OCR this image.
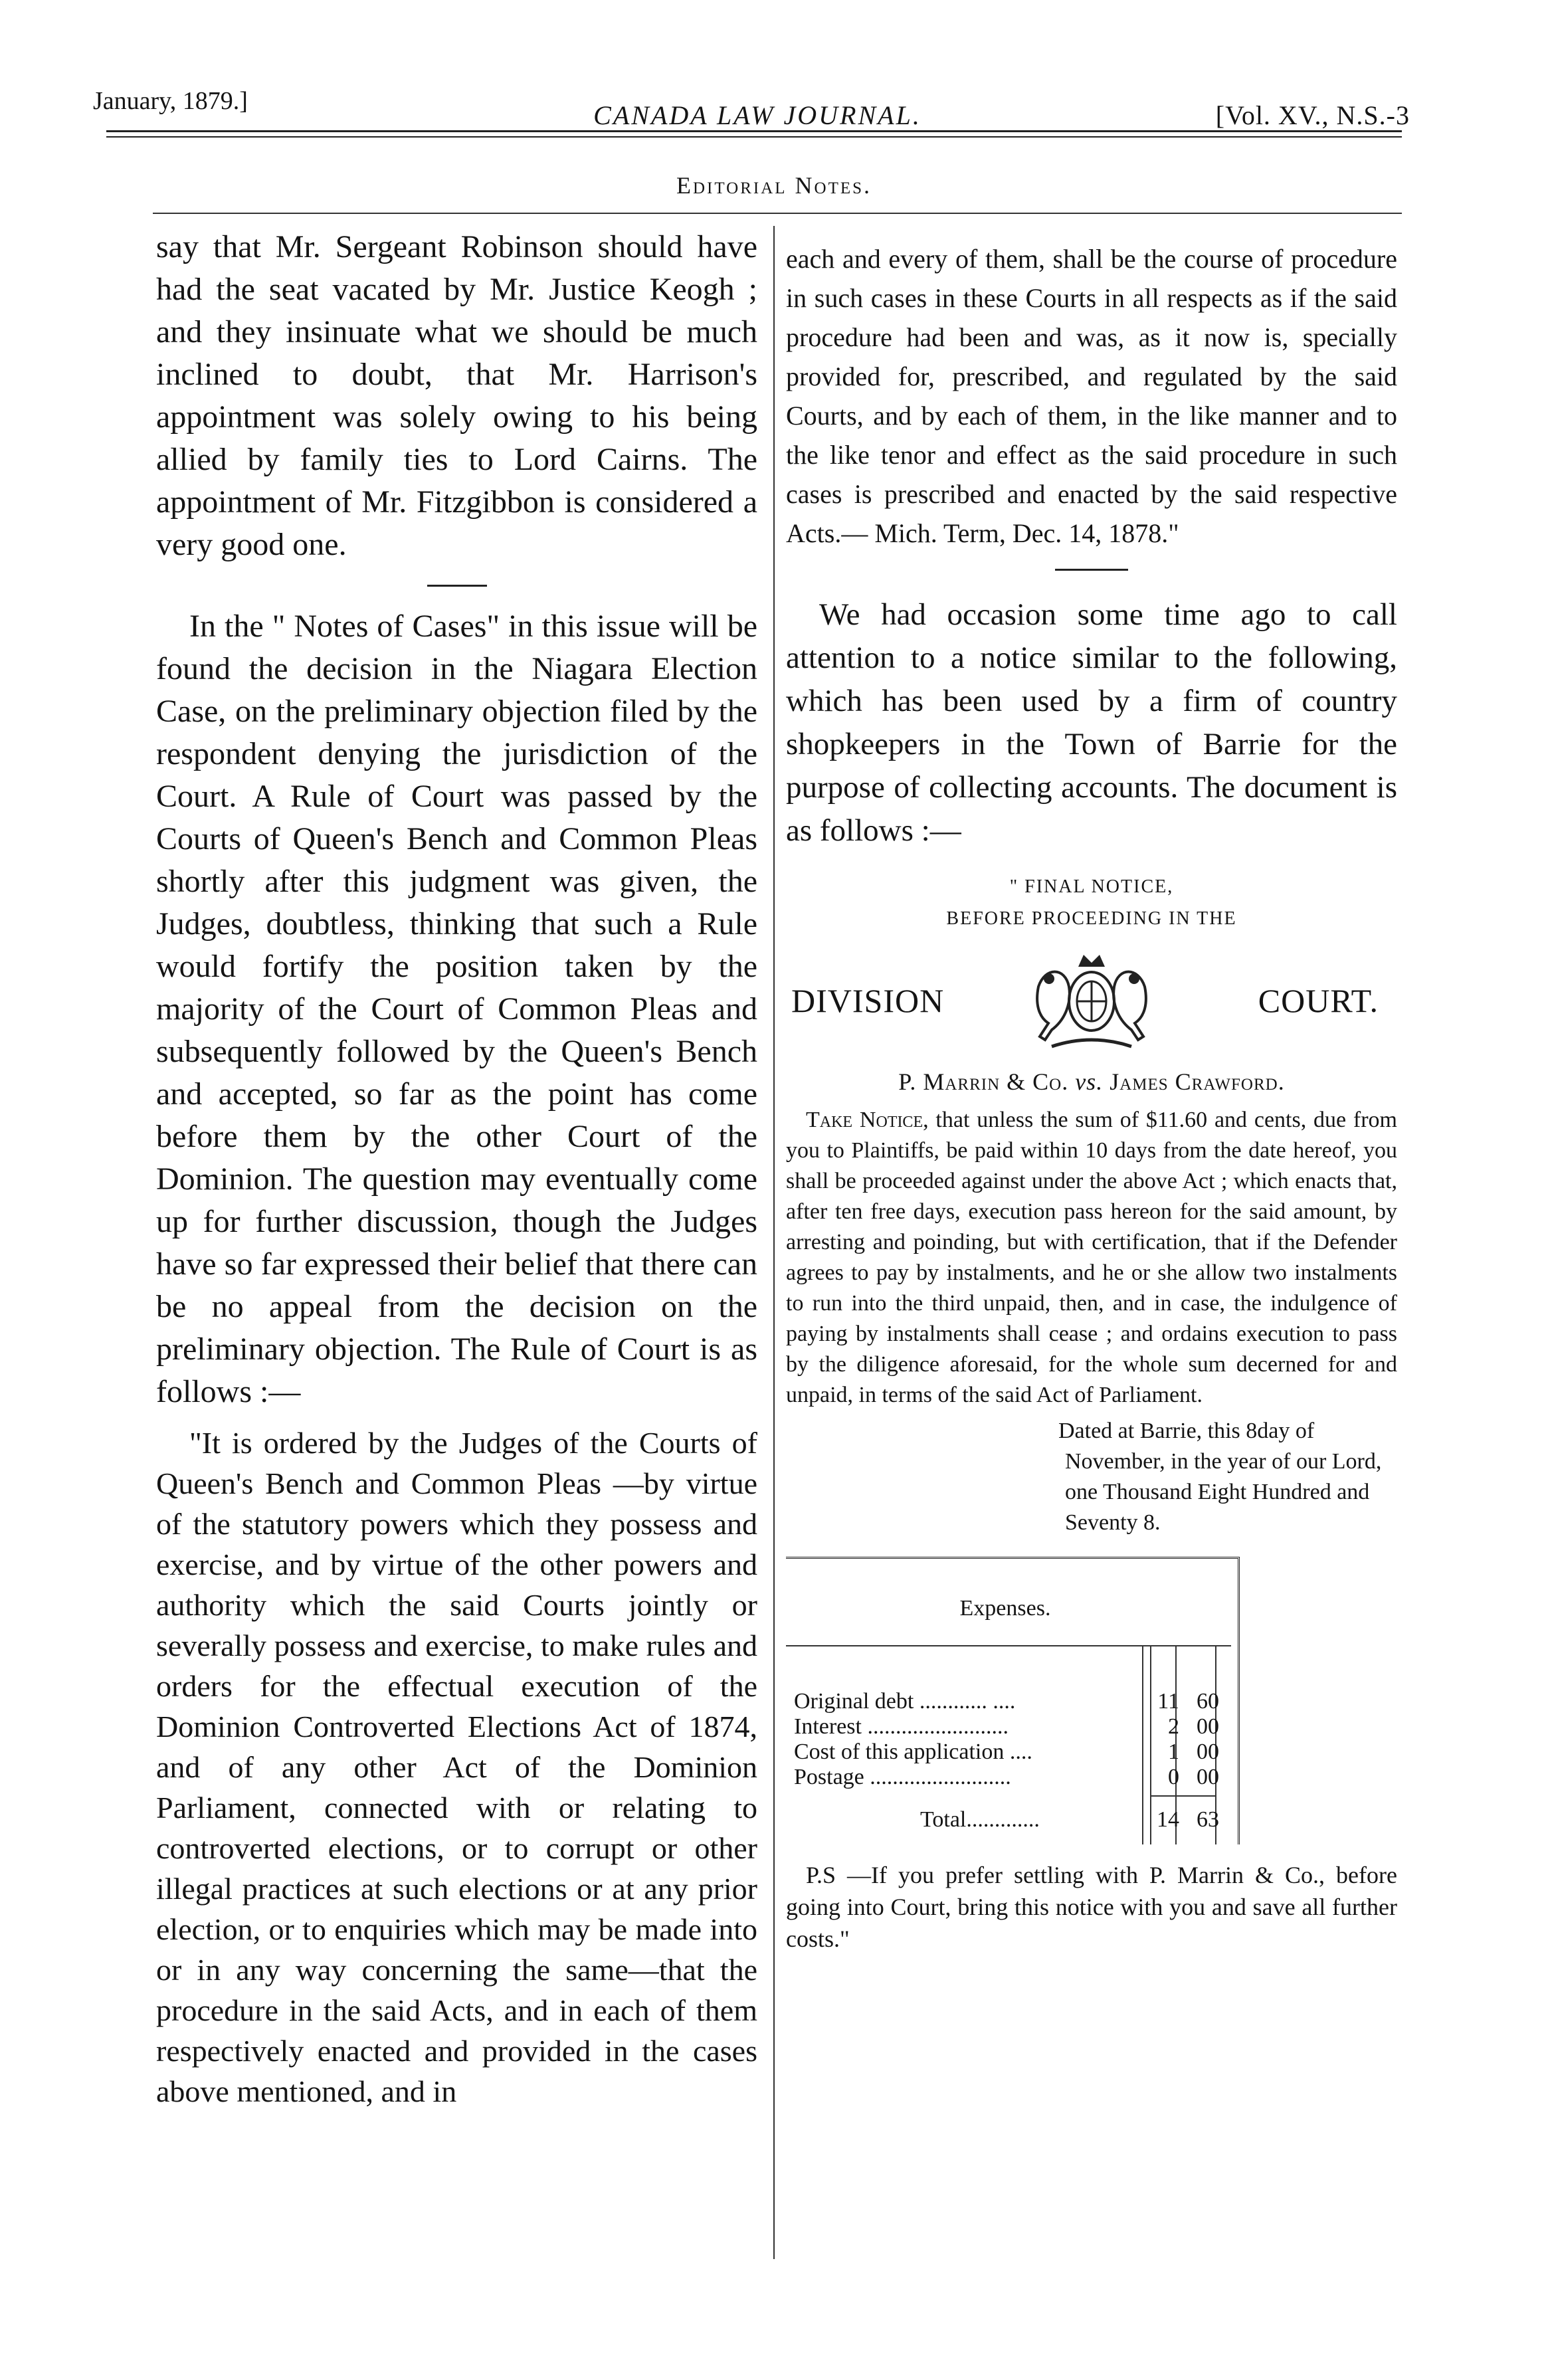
January, 1879.]	CANADA LAW JOURNAL.	[Vol. XV., N.S.-3
Editorial Notes.

say that Mr. Sergeant Robinson should have had the seat vacated by Mr. Justice Keogh ; and they insinuate what we should be much inclined to doubt, that Mr. Harrison's appointment was solely owing to his being allied by family ties to Lord Cairns. The appointment of Mr. Fitzgibbon is considered a very good one.

In the " Notes of Cases" in this issue will be found the decision in the Niagara Election Case, on the preliminary objection filed by the respondent denying the jurisdiction of the Court. A Rule of Court was passed by the Courts of Queen's Bench and Common Pleas shortly after this judgment was given, the Judges, doubtless, thinking that such a Rule would fortify the position taken by the majority of the Court of Common Pleas and subsequently followed by the Queen's Bench and accepted, so far as the point has come before them by the other Court of the Dominion. The question may eventually come up for further discussion, though the Judges have so far expressed their belief that there can be no appeal from the decision on the preliminary objection. The Rule of Court is as follows :—

"It is ordered by the Judges of the Courts of Queen's Bench and Common Pleas —by virtue of the statutory powers which they possess and exercise, and by virtue of the other powers and authority which the said Courts jointly or severally possess and exercise, to make rules and orders for the effectual execution of the Dominion Controverted Elections Act of 1874, and of any other Act of the Dominion Parliament, connected with or relating to controverted elections, or to corrupt or other illegal practices at such elections or at any prior election, or to enquiries which may be made into or in any way concerning the same—that the procedure in the said Acts, and in each of them respectively enacted and provided in the cases above mentioned, and in

each and every of them, shall be the course of procedure in such cases in these Courts in all respects as if the said procedure had been and was, as it now is, specially provided for, prescribed, and regulated by the said Courts, and by each of them, in the like manner and to the like tenor and effect as the said procedure in such cases is prescribed and enacted by the said respective Acts.— Mich. Term, Dec. 14, 1878."

We had occasion some time ago to call attention to a notice similar to the following, which has been used by a firm of country shopkeepers in the Town of Barrie for the purpose of collecting accounts. The document is as follows :—

" FINAL NOTICE,
BEFORE PROCEEDING IN THE
DIVISION	COURT.
P. Marrin & Co. vs. James Crawford.

Take Notice, that unless the sum of $11.60 and cents, due from you to Plaintiffs, be paid within 10 days from the date hereof, you shall be proceeded against under the above Act ; which enacts that, after ten free days, execution pass hereon for the said amount, by arresting and poinding, but with certification, that if the Defender agrees to pay by instalments, and he or she allow two instalments to run into the third unpaid, then, and in case, the indulgence of paying by instalments shall cease ; and ordains execution to pass by the diligence aforesaid, for the whole sum decerned for and unpaid, in terms of the said Act of Parliament.

Dated at Barrie, this 8day of November, in the year of our Lord, one Thousand Eight Hundred and Seventy 8.

Expenses.
Original debt ............ ....	11 60
Interest .........................	2 00
Cost of this application ....	1 00
Postage .........................	0 00
Total.............	14 63

P.S —If you prefer settling with P. Marrin & Co., before going into Court, bring this notice with you and save all further costs."
